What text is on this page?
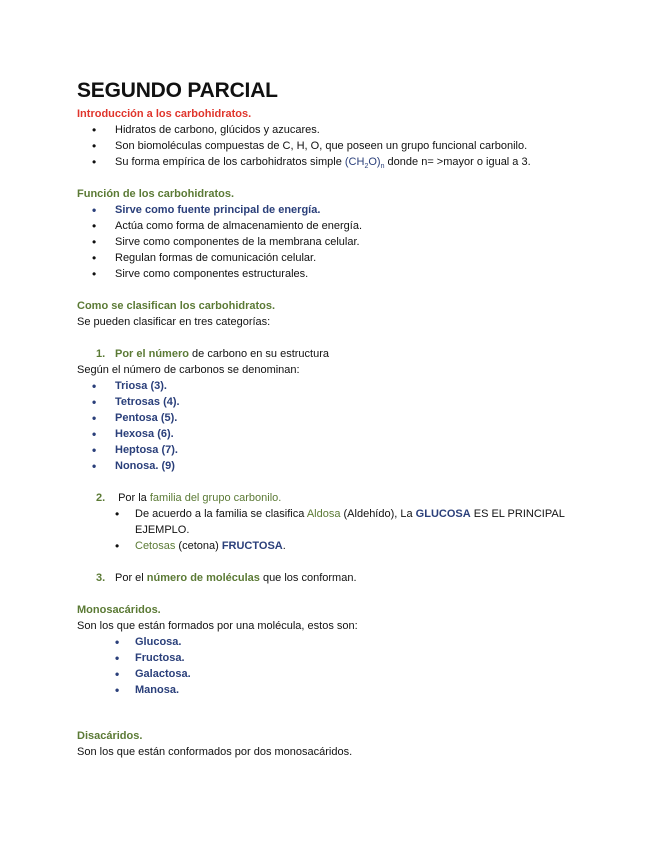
SEGUNDO PARCIAL
Introducción a los carbohidratos.
• Hidratos de carbono, glúcidos y azucares.
• Son biomoléculas compuestas de C, H, O, que poseen un grupo funcional carbonilo.
• Su forma empírica de los carbohidratos simple $(CH_2O)_n$ donde n= >mayor o igual a 3.
Función de los carbohidratos.
• Sirve como fuente principal de energía.
• Actúa como forma de almacenamiento de energía.
• Sirve como componentes de la membrana celular.
• Regulan formas de comunicación celular.
• Sirve como componentes estructurales.
Como se clasifican los carbohidratos.
Se pueden clasificar en tres categorías:
1. Por el número de carbono en su estructura
Según el número de carbonos se denominan:
• Triosa (3).
• Tetrosas (4).
• Pentosa (5).
• Hexosa (6).
• Heptosa (7).
• Nonosa. (9)
2. Por la familia del grupo carbonilo.
• De acuerdo a la familia se clasifica Aldosa (Aldehído), La GLUCOSA ES EL PRINCIPAL
EJEMPLO.
• Cetosas (cetona) FRUCTOSA.
3. Por el número de moléculas que los conforman.
Monosacáridos.
Son los que están formados por una molécula, estos son:
• Glucosa.
• Fructosa.
• Galactosa.
• Manosa.
Disacáridos.
Son los que están conformados por dos monosacáridos.
